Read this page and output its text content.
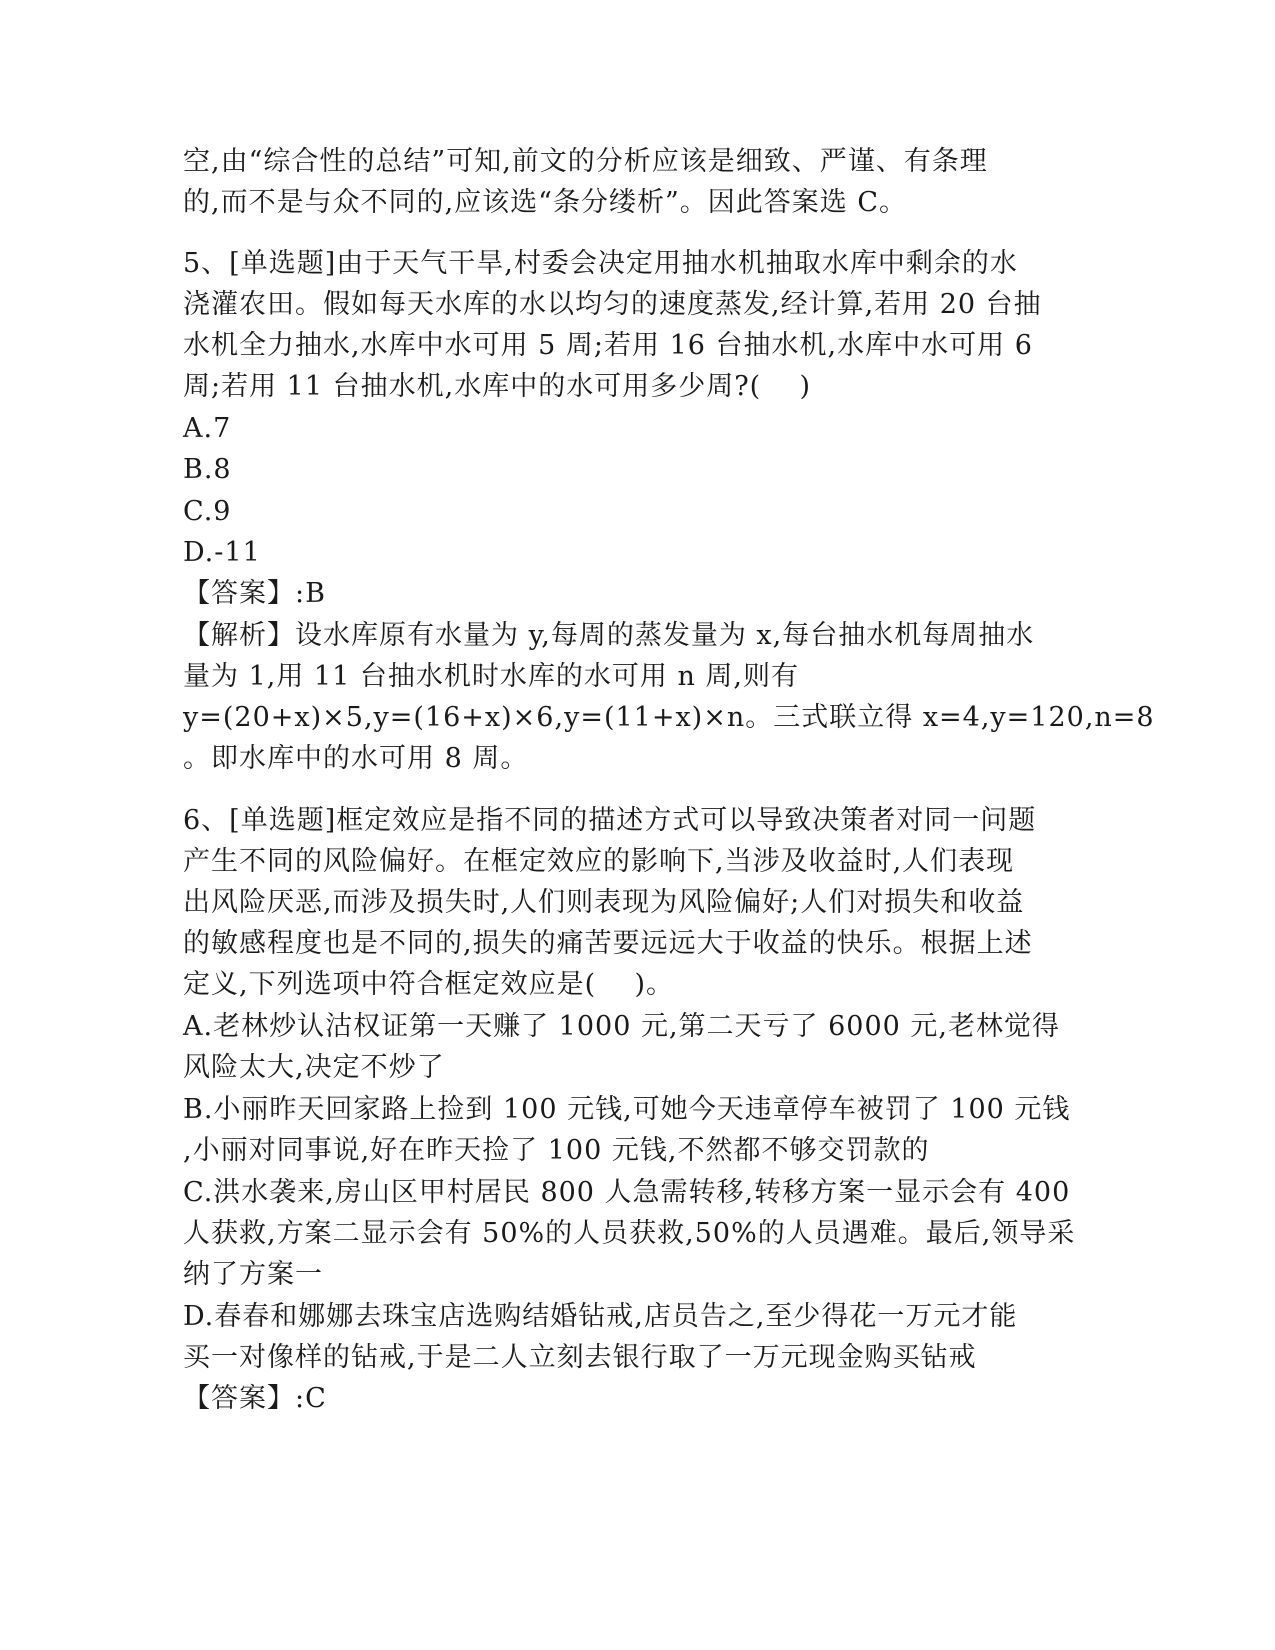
空,由“综合性的总结”可知,前文的分析应该是细致、严谨、有条理
的,而不是与众不同的,应该选“条分缕析”。因此答案选 C。
5、[单选题]由于天气干旱,村委会决定用抽水机抽取水库中剩余的水
浇灌农田。假如每天水库的水以均匀的速度蒸发,经计算,若用 20 台抽
水机全力抽水,水库中水可用 5 周;若用 16 台抽水机,水库中水可用 6
周;若用 11 台抽水机,水库中的水可用多少周?(    )
A.7
B.8
C.9
D.-11
【答案】:B
【解析】设水库原有水量为 y,每周的蒸发量为 x,每台抽水机每周抽水
量为 1,用 11 台抽水机时水库的水可用 n 周,则有
y=(20+x)×5,y=(16+x)×6,y=(11+x)×n。三式联立得 x=4,y=120,n=8
。即水库中的水可用 8 周。
6、[单选题]框定效应是指不同的描述方式可以导致决策者对同一问题
产生不同的风险偏好。在框定效应的影响下,当涉及收益时,人们表现
出风险厌恶,而涉及损失时,人们则表现为风险偏好;人们对损失和收益
的敏感程度也是不同的,损失的痛苦要远远大于收益的快乐。根据上述
定义,下列选项中符合框定效应是(    )。
A.老林炒认沽权证第一天赚了 1000 元,第二天亏了 6000 元,老林觉得
风险太大,决定不炒了
B.小丽昨天回家路上捡到 100 元钱,可她今天违章停车被罚了 100 元钱
,小丽对同事说,好在昨天捡了 100 元钱,不然都不够交罚款的
C.洪水袭来,房山区甲村居民 800 人急需转移,转移方案一显示会有 400
人获救,方案二显示会有 50%的人员获救,50%的人员遇难。最后,领导采
纳了方案一
D.春春和娜娜去珠宝店选购结婚钻戒,店员告之,至少得花一万元才能
买一对像样的钻戒,于是二人立刻去银行取了一万元现金购买钻戒
【答案】:C
